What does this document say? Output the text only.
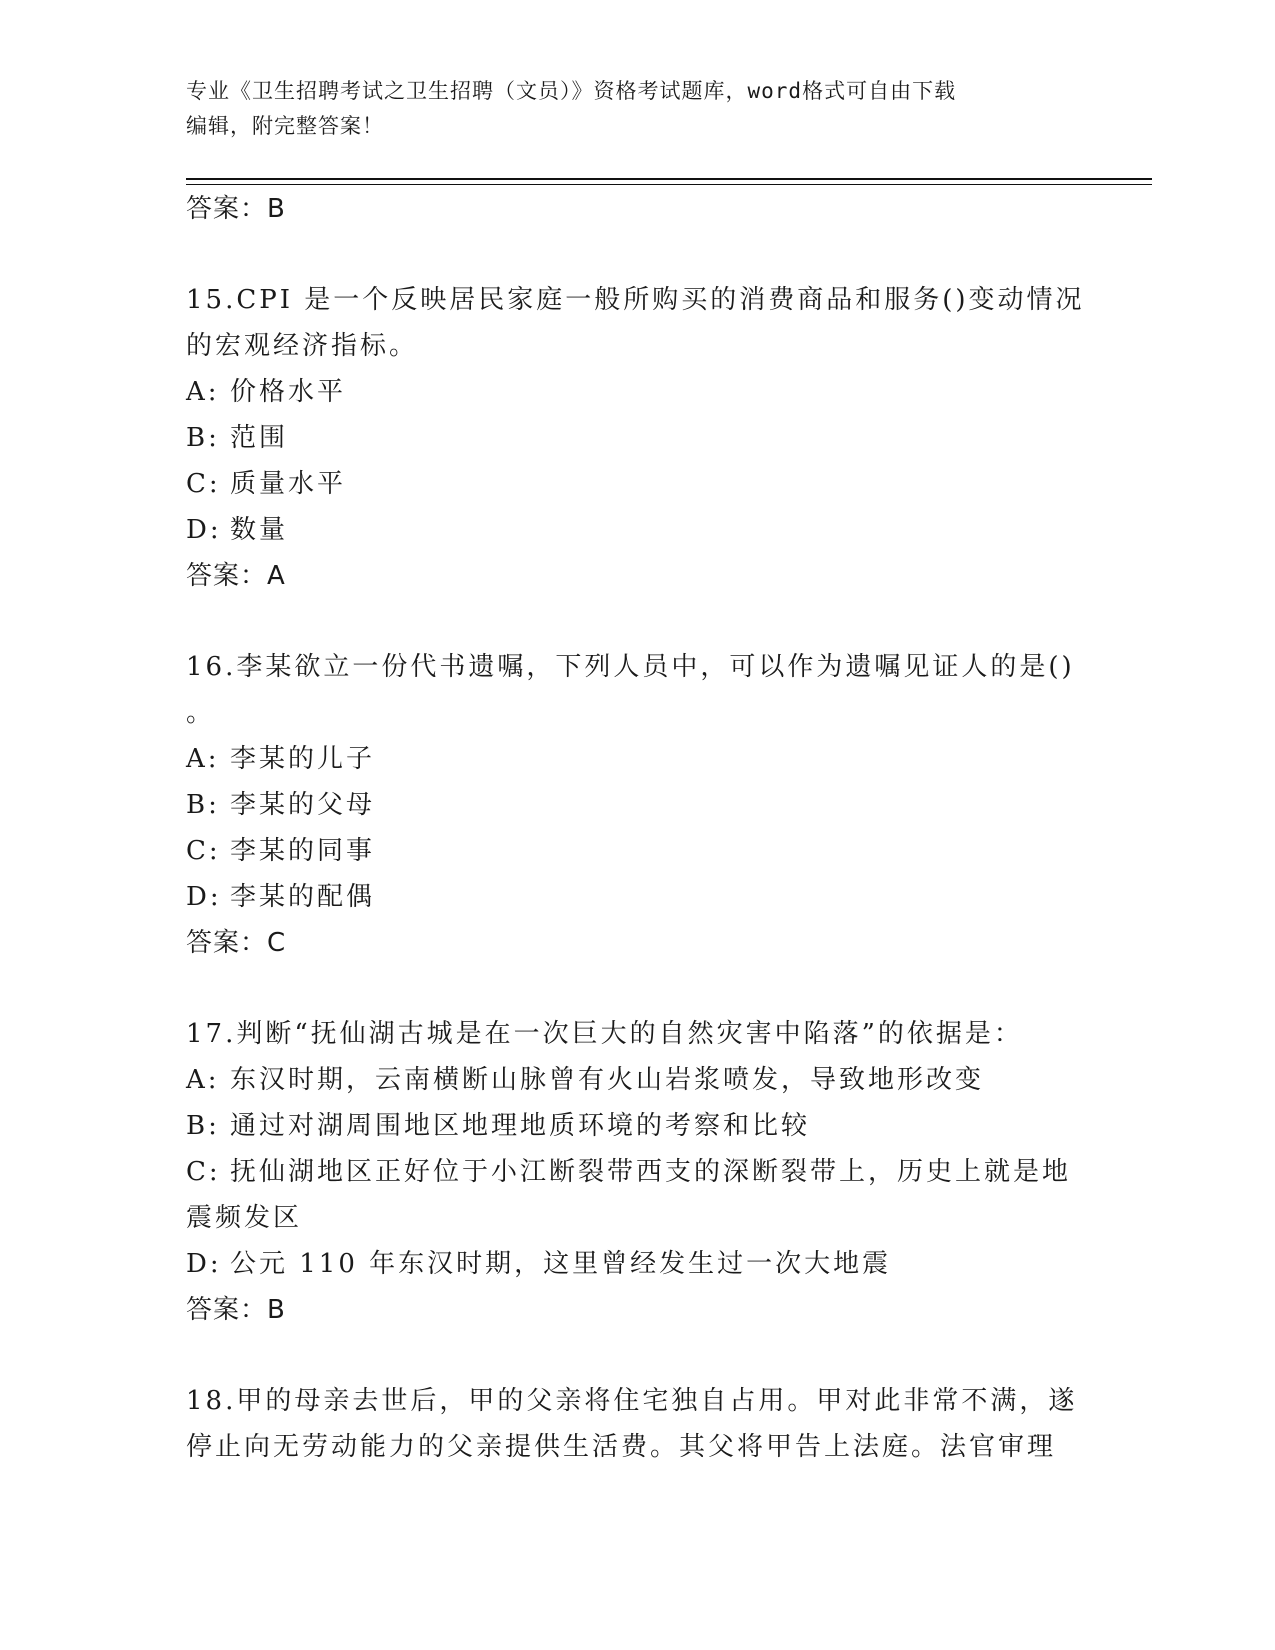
专业《卫生招聘考试之卫生招聘（文员）》资格考试题库，word格式可自由下载
编辑，附完整答案！
答案：B
15.CPI 是一个反映居民家庭一般所购买的消费商品和服务()变动情况
的宏观经济指标。
A: 价格水平
B: 范围
C: 质量水平
D: 数量
答案：A
16.李某欲立一份代书遗嘱，下列人员中，可以作为遗嘱见证人的是()
。
A: 李某的儿子
B: 李某的父母
C: 李某的同事
D: 李某的配偶
答案：C
17.判断“抚仙湖古城是在一次巨大的自然灾害中陷落”的依据是：
A: 东汉时期，云南横断山脉曾有火山岩浆喷发，导致地形改变
B: 通过对湖周围地区地理地质环境的考察和比较
C: 抚仙湖地区正好位于小江断裂带西支的深断裂带上，历史上就是地
震频发区
D: 公元 110 年东汉时期，这里曾经发生过一次大地震
答案：B
18.甲的母亲去世后，甲的父亲将住宅独自占用。甲对此非常不满，遂
停止向无劳动能力的父亲提供生活费。其父将甲告上法庭。法官审理
